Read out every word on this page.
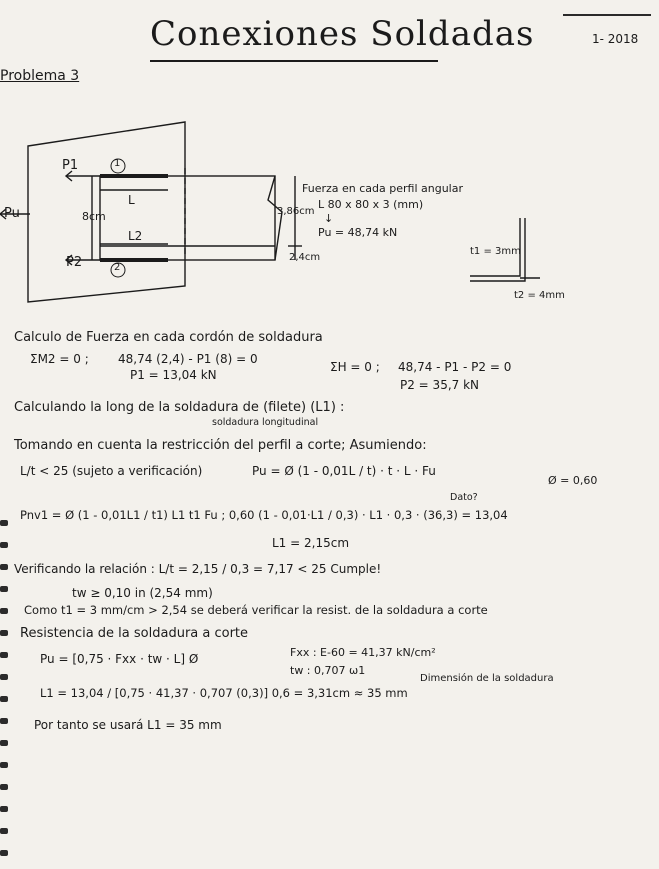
Conexiones Soldadas	1- 2018
Problema 3
P1
P2
Pu
1
2
L
L2
8cm	3,86cm
2,4cm
Fuerza en cada perfil angular
L 80 x 80 x 3 (mm)
↓
Pu = 48,74 kN
t1 = 3mm
t2 = 4mm
Calculo de Fuerza en cada cordón de soldadura
ΣM2 = 0 ; 48,74 (2,4) - P1 (8) = 0
P1 = 13,04 kN
ΣH = 0 ; 48,74 - P1 - P2 = 0
P2 = 35,7 kN
Calculando la long de la soldadura de (filete) (L1) :
soldadura longitudinal
Tomando en cuenta la restricción del perfil a corte; Asumiendo:
L/t < 25 (sujeto a verificación)	Pu = Ø (1 - 0,01L / t) · t · L · Fu
Ø = 0,60
Pnv1 = Ø (1 - 0,01L1 / t1) L1 t1 Fu ; 0,60 (1 - 0,01·L1 / 0,3) · L1 · 0,3 · (36,3) = 13,04
Dato?
L1 = 2,15cm
Verificando la relación : L/t = 2,15 / 0,3 = 7,17 < 25 Cumple!
tw ≥ 0,10 in (2,54 mm)
Como t1 = 3 mm/cm > 2,54 se deberá verificar la resist. de la soldadura a corte
Resistencia de la soldadura a corte
Pu = [0,75 · Fxx · tw · L] Ø	Fxx : E-60 = 41,37 kN/cm²
tw : 0,707 ω1
Dimensión de la soldadura
L1 = 13,04 / [0,75 · 41,37 · 0,707 (0,3)] 0,6 = 3,31cm ≈ 35 mm
Por tanto se usará L1 = 35 mm
